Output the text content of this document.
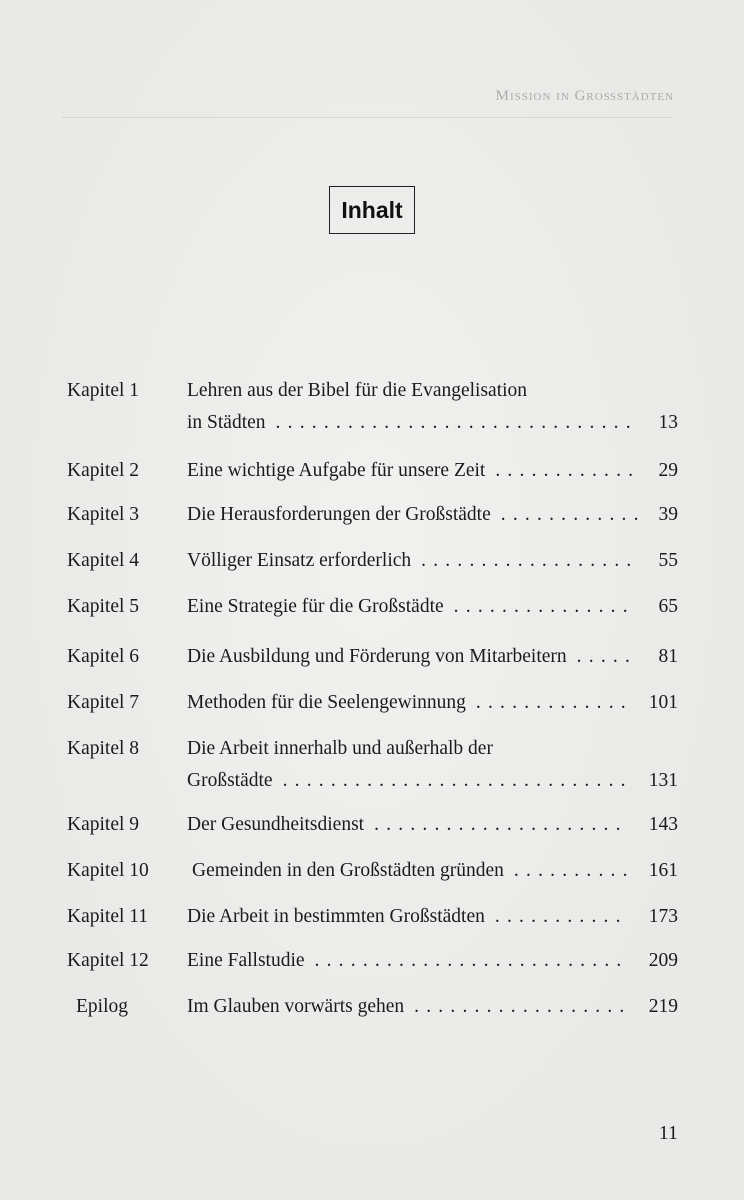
Mission in Großstädten
Inhalt
Kapitel 1 Lehren aus der Bibel für die Evangelisation
in Städten	13
..............................
Kapitel 2 Eine wichtige Aufgabe für unsere Zeit	29
............
Kapitel 3 Die Herausforderungen der Großstädte	39
............
Kapitel 4 Völliger Einsatz erforderlich	55
..................
Kapitel 5 Eine Strategie für die Großstädte	65
...............
Kapitel 6 Die Ausbildung und Förderung von Mitarbeitern	81
.....
Kapitel 7 Methoden für die Seelengewinnung	101
.............
Kapitel 8 Die Arbeit innerhalb und außerhalb der
Großstädte	131
.............................
Kapitel 9 Der Gesundheitsdienst	143
.....................
Kapitel 10 Gemeinden in den Großstädten gründen	161
..........
Kapitel 11 Die Arbeit in bestimmten Großstädten	173
...........
Kapitel 12 Eine Fallstudie	209
..........................
Epilog	Im Glauben vorwärts gehen	219
..................
11
